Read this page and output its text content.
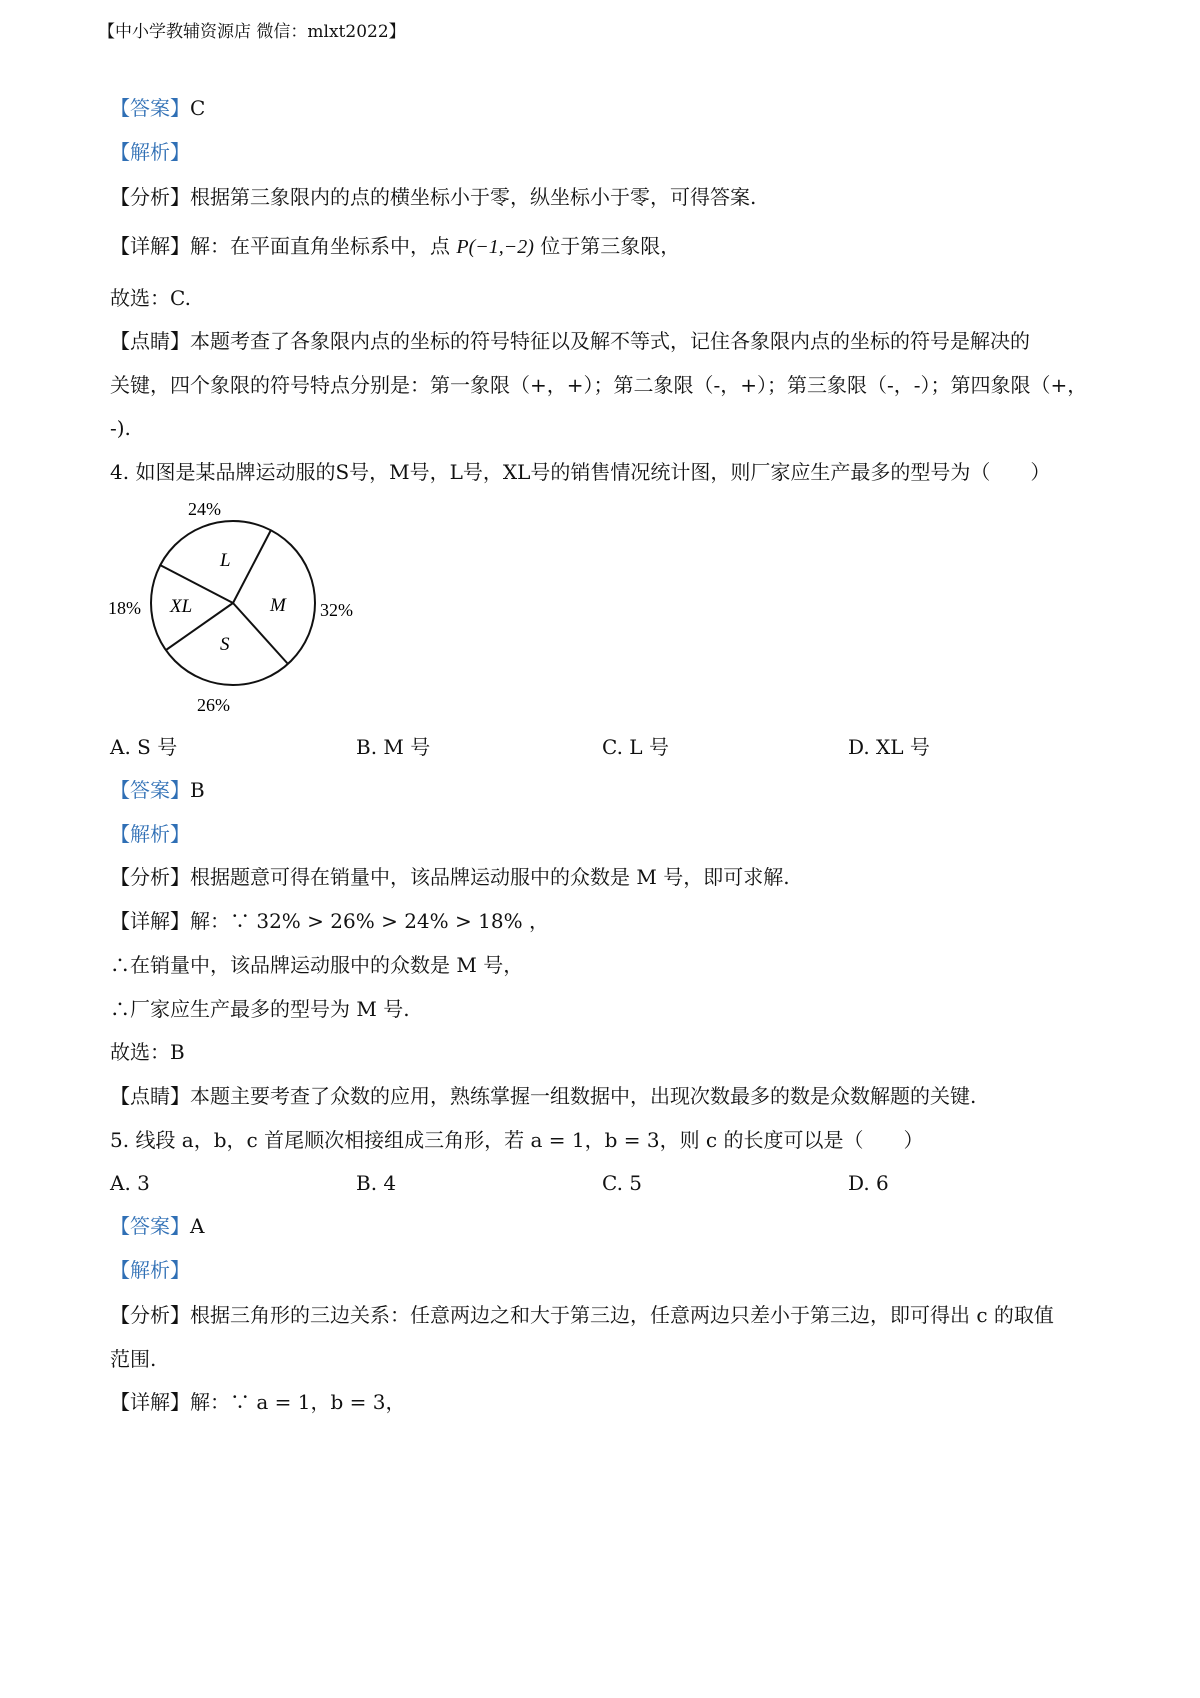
【中小学教辅资源店 微信：mlxt2022】
【答案】C
【解析】
【分析】根据第三象限内的点的横坐标小于零，纵坐标小于零，可得答案.
【详解】解：在平面直角坐标系中，点 P(−1,−2) 位于第三象限，
故选：C.
【点睛】本题考查了各象限内点的坐标的符号特征以及解不等式，记住各象限内点的坐标的符号是解决的
关键，四个象限的符号特点分别是：第一象限（+，+）；第二象限（-，+）；第三象限（-，-）；第四象限（+，
-).
4. 如图是某品牌运动服的S号，M号，L号，XL号的销售情况统计图，则厂家应生产最多的型号为（　　）
L
M
S
XL
24%
32%
26%
18%
A. S 号	B. M 号	C. L 号	D. XL 号
【答案】B
【解析】
【分析】根据题意可得在销量中，该品牌运动服中的众数是 M 号，即可求解.
【详解】解：∵ 32% > 26% > 24% > 18% ，
∴在销量中，该品牌运动服中的众数是 M 号，
∴厂家应生产最多的型号为 M 号.
故选：B
【点睛】本题主要考查了众数的应用，熟练掌握一组数据中，出现次数最多的数是众数解题的关键.
5. 线段 a，b，c 首尾顺次相接组成三角形，若 a = 1，b = 3，则 c 的长度可以是（　　）
A. 3	B. 4	C. 5	D. 6
【答案】A
【解析】
【分析】根据三角形的三边关系：任意两边之和大于第三边，任意两边只差小于第三边，即可得出 c 的取值
范围.
【详解】解：∵ a = 1，b = 3，
